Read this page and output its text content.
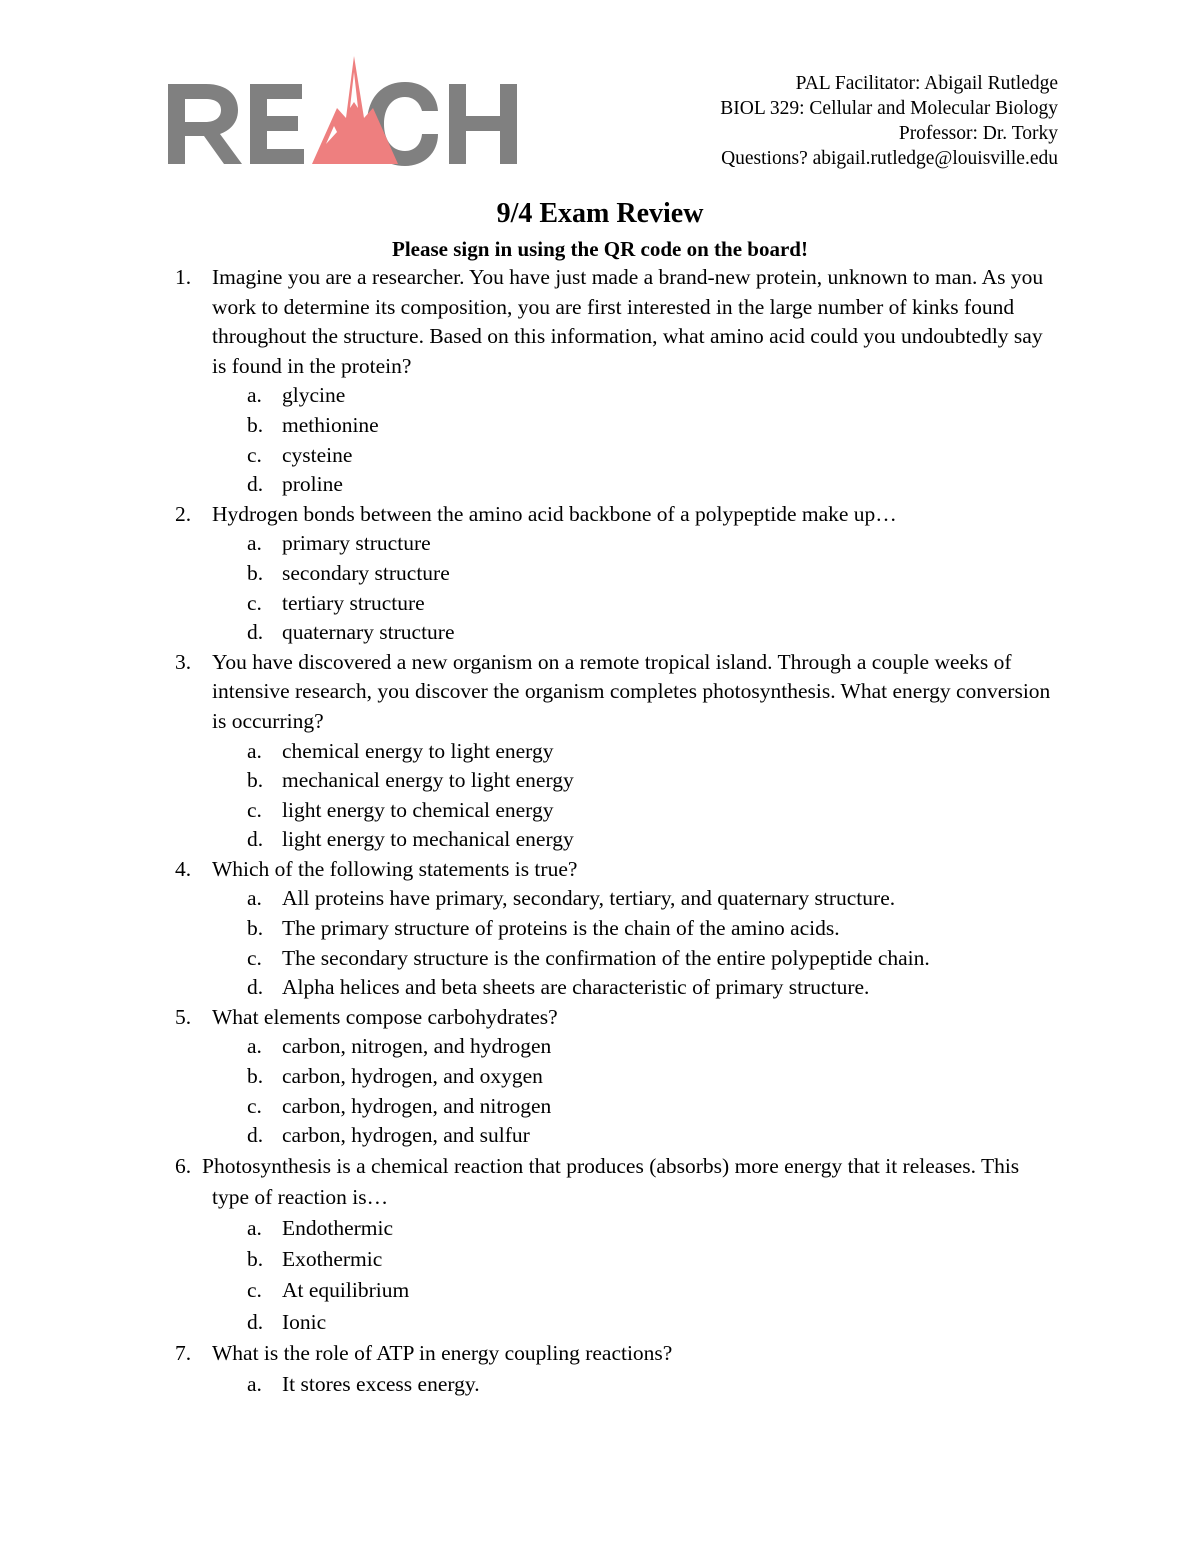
PAL Facilitator: Abigail Rutledge
BIOL 329: Cellular and Molecular Biology
Professor: Dr. Torky
Questions? abigail.rutledge@louisville.edu
9/4 Exam Review
Please sign in using the QR code on the board!
1. Imagine you are a researcher. You have just made a brand-new protein, unknown to man. As you work to determine its composition, you are first interested in the large number of kinks found throughout the structure. Based on this information, what amino acid could you undoubtedly say is found in the protein?
a. glycine
b. methionine
c. cysteine
d. proline
2. Hydrogen bonds between the amino acid backbone of a polypeptide make up…
a. primary structure
b. secondary structure
c. tertiary structure
d. quaternary structure
3. You have discovered a new organism on a remote tropical island. Through a couple weeks of intensive research, you discover the organism completes photosynthesis. What energy conversion is occurring?
a. chemical energy to light energy
b. mechanical energy to light energy
c. light energy to chemical energy
d. light energy to mechanical energy
4. Which of the following statements is true?
a. All proteins have primary, secondary, tertiary, and quaternary structure.
b. The primary structure of proteins is the chain of the amino acids.
c. The secondary structure is the confirmation of the entire polypeptide chain.
d. Alpha helices and beta sheets are characteristic of primary structure.
5. What elements compose carbohydrates?
a. carbon, nitrogen, and hydrogen
b. carbon, hydrogen, and oxygen
c. carbon, hydrogen, and nitrogen
d. carbon, hydrogen, and sulfur
6. Photosynthesis is a chemical reaction that produces (absorbs) more energy that it releases. This type of reaction is…
a. Endothermic
b. Exothermic
c. At equilibrium
d. Ionic
7. What is the role of ATP in energy coupling reactions?
a. It stores excess energy.
